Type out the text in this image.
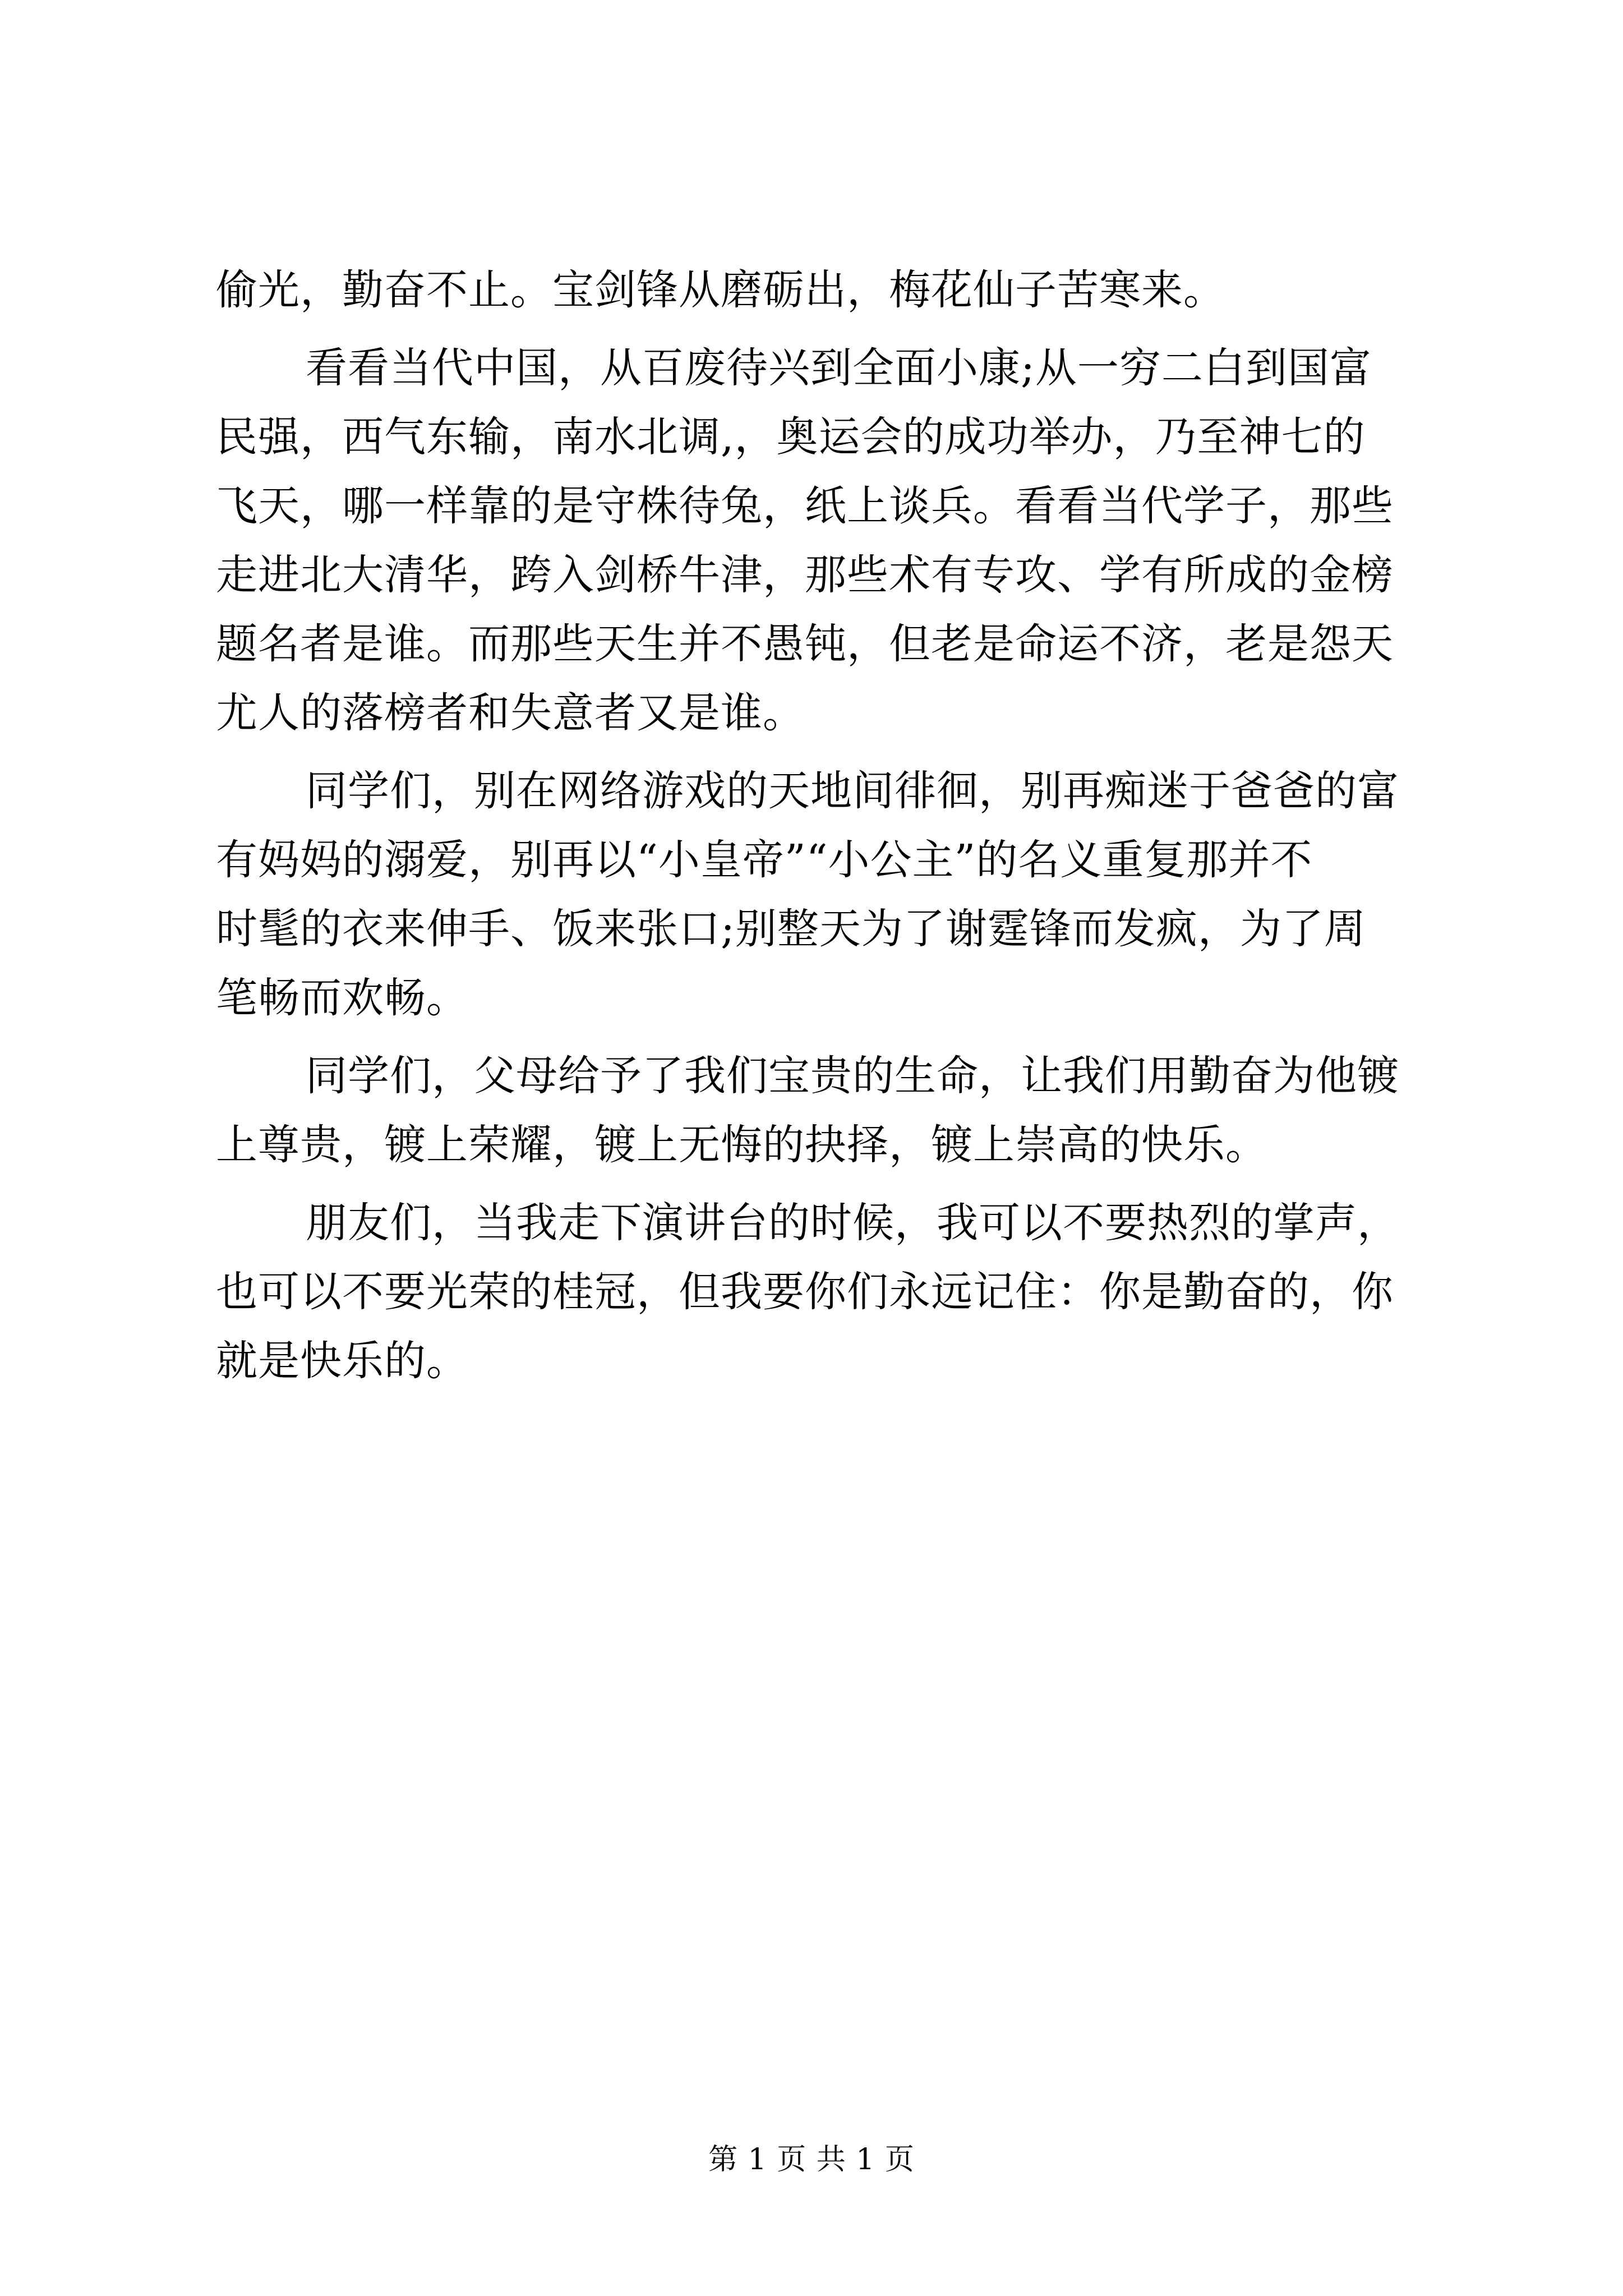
偷光，勤奋不止。宝剑锋从磨砺出，梅花仙子苦寒来。
看看当代中国，从百废待兴到全面小康;从一穷二白到国富
民强，西气东输，南水北调,，奥运会的成功举办，乃至神七的
飞天，哪一样靠的是守株待兔，纸上谈兵。看看当代学子，那些
走进北大清华，跨入剑桥牛津，那些术有专攻、学有所成的金榜
题名者是谁。而那些天生并不愚钝，但老是命运不济，老是怨天
尤人的落榜者和失意者又是谁。
同学们，别在网络游戏的天地间徘徊，别再痴迷于爸爸的富
有妈妈的溺爱，别再以“小皇帝”“小公主”的名义重复那并不
时髦的衣来伸手、饭来张口;别整天为了谢霆锋而发疯，为了周
笔畅而欢畅。
同学们，父母给予了我们宝贵的生命，让我们用勤奋为他镀
上尊贵，镀上荣耀，镀上无悔的抉择，镀上崇高的快乐。
朋友们，当我走下演讲台的时候，我可以不要热烈的掌声，
也可以不要光荣的桂冠，但我要你们永远记住：你是勤奋的，你
就是快乐的。
第 1 页 共 1 页
